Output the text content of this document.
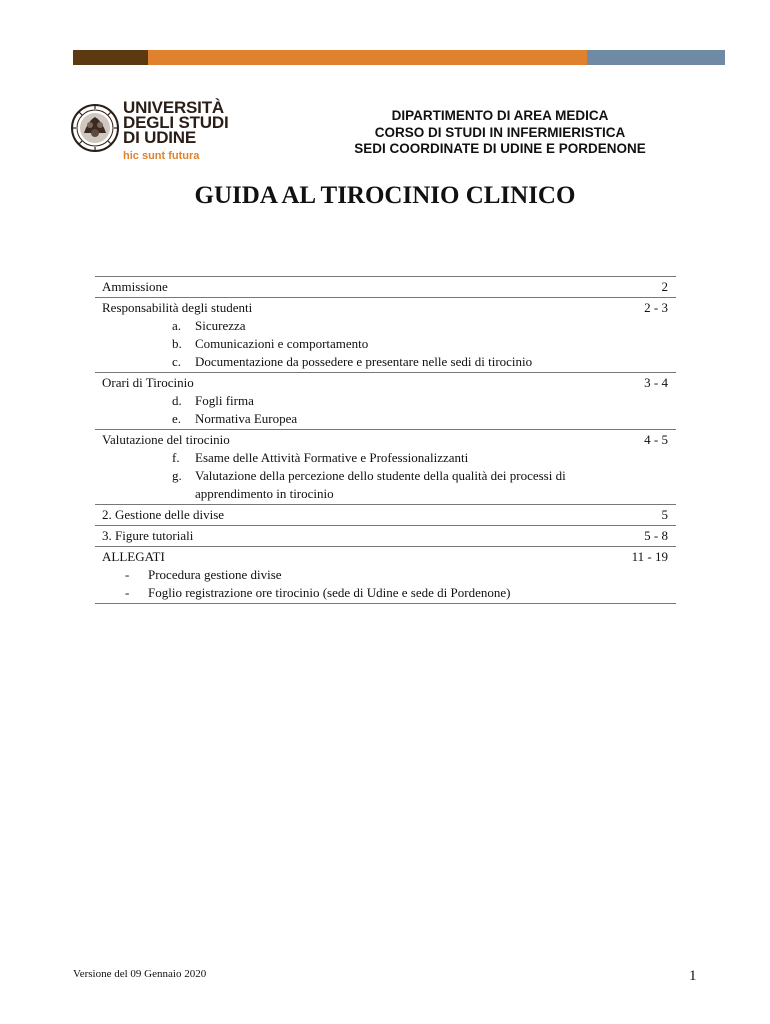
UNIVERSITÀ
DEGLI STUDI
DI UDINE
hic sunt futura
DIPARTIMENTO DI AREA MEDICA
CORSO DI STUDI IN INFERMIERISTICA
SEDI COORDINATE DI UDINE E PORDENONE
GUIDA AL TIROCINIO CLINICO
Ammissione	2
Responsabilità degli studenti	2 - 3
a. Sicurezza
b. Comunicazioni e comportamento
c. Documentazione da possedere e presentare nelle sedi di tirocinio
Orari di Tirocinio	3 - 4
d. Fogli firma
e. Normativa Europea
Valutazione del tirocinio	4 - 5
f.	Esame delle Attività Formative e Professionalizzanti
g. Valutazione della percezione dello studente della qualità dei processi di apprendimento in tirocinio
2. Gestione delle divise	5
3. Figure tutoriali	5 - 8
ALLEGATI	11 - 19
- Procedura gestione divise
- Foglio registrazione ore tirocinio (sede di Udine e sede di Pordenone)
Versione del 09 Gennaio 2020	1
